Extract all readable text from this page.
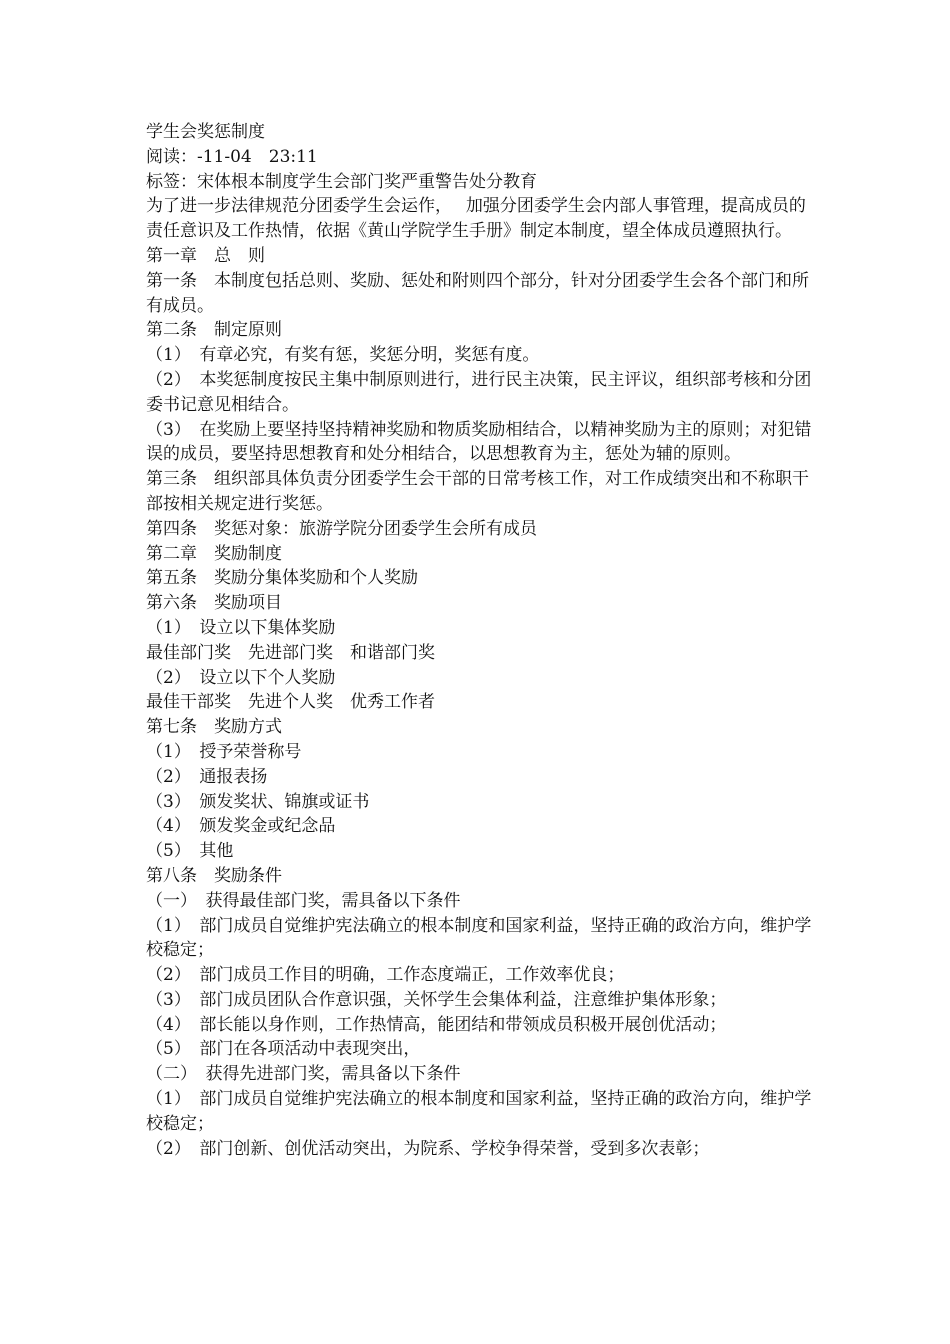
学生会奖惩制度
阅读：-11-04　23:11
标签：宋体根本制度学生会部门奖严重警告处分教育
为了进一步法律规范分团委学生会运作，　 加强分团委学生会内部人事管理，提高成员的责任意识及工作热情，依据《黄山学院学生手册》制定本制度，望全体成员遵照执行。
第一章　总　则
第一条　本制度包括总则、奖励、惩处和附则四个部分，针对分团委学生会各个部门和所有成员。
第二条　制定原则
（1）　有章必究，有奖有惩，奖惩分明，奖惩有度。
（2）　本奖惩制度按民主集中制原则进行，进行民主决策，民主评议，组织部考核和分团委书记意见相结合。
（3）　在奖励上要坚持坚持精神奖励和物质奖励相结合，以精神奖励为主的原则；对犯错误的成员，要坚持思想教育和处分相结合，以思想教育为主，惩处为辅的原则。
第三条　组织部具体负责分团委学生会干部的日常考核工作，对工作成绩突出和不称职干部按相关规定进行奖惩。
第四条　奖惩对象：旅游学院分团委学生会所有成员
第二章　奖励制度
第五条　奖励分集体奖励和个人奖励
第六条　奖励项目
（1）　设立以下集体奖励
最佳部门奖　先进部门奖　和谐部门奖
（2）　设立以下个人奖励
最佳干部奖　先进个人奖　优秀工作者
第七条　奖励方式
（1）　授予荣誉称号
（2）　通报表扬
（3）　颁发奖状、锦旗或证书
（4）　颁发奖金或纪念品
（5）　其他
第八条　奖励条件
（一）　获得最佳部门奖，需具备以下条件
（1）　部门成员自觉维护宪法确立的根本制度和国家利益，坚持正确的政治方向，维护学校稳定；
（2）　部门成员工作目的明确，工作态度端正，工作效率优良；
（3）　部门成员团队合作意识强，关怀学生会集体利益，注意维护集体形象；
（4）　部长能以身作则，工作热情高，能团结和带领成员积极开展创优活动；
（5）　部门在各项活动中表现突出，
（二）　获得先进部门奖，需具备以下条件
（1）　部门成员自觉维护宪法确立的根本制度和国家利益，坚持正确的政治方向，维护学校稳定；
（2）　部门创新、创优活动突出，为院系、学校争得荣誉，受到多次表彰；
